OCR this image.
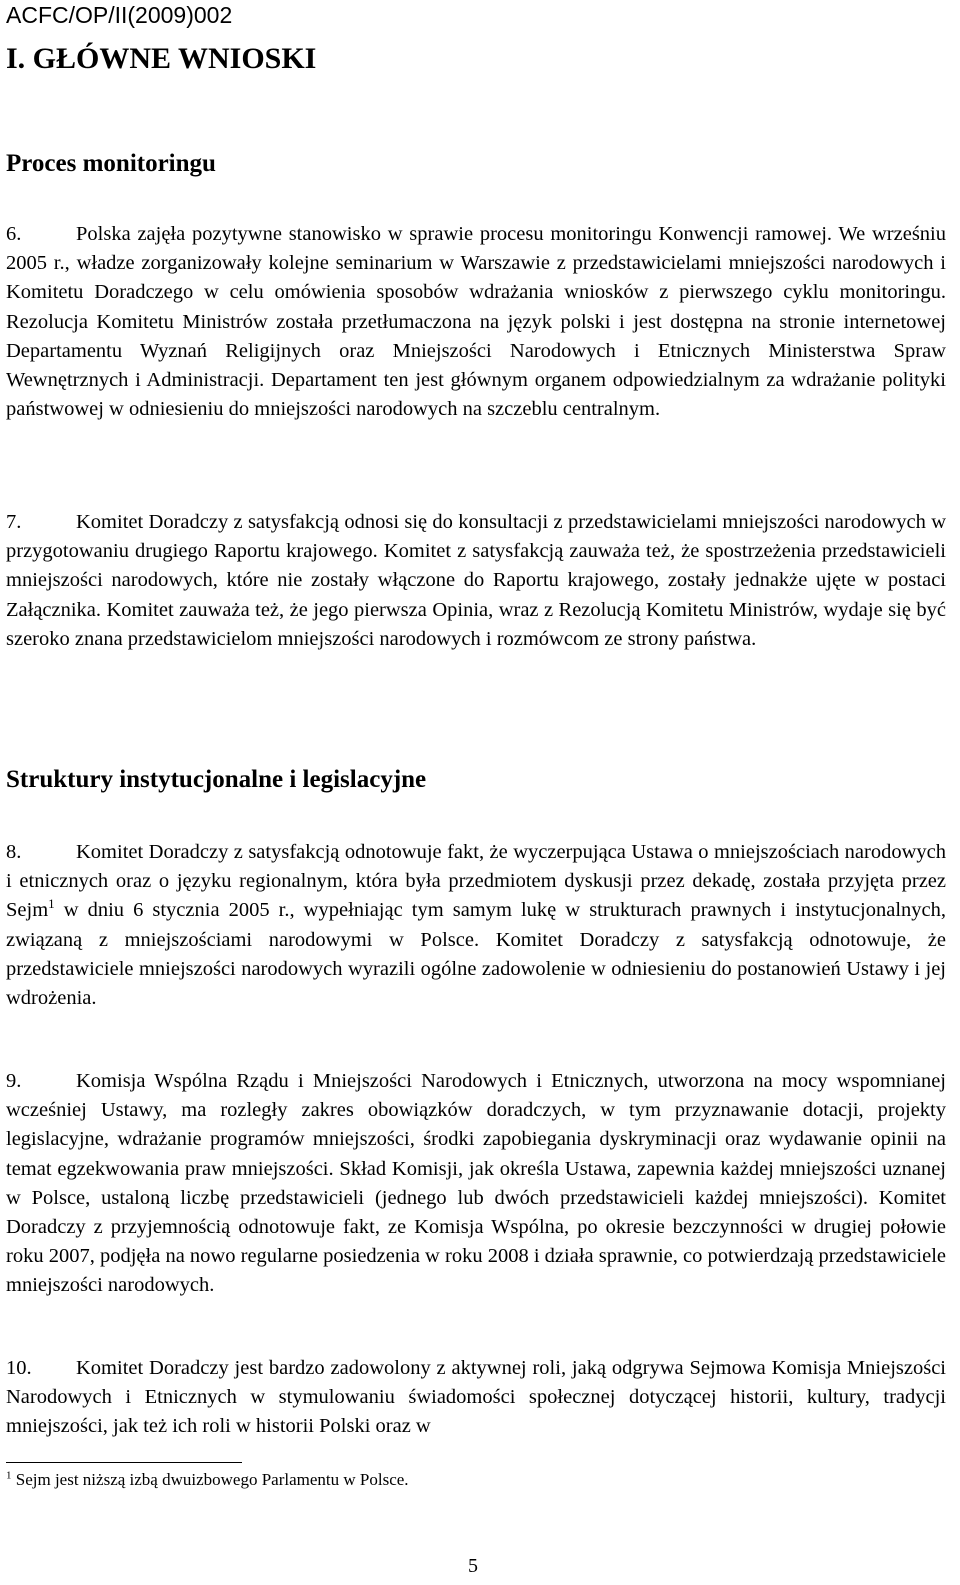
ACFC/OP/II(2009)002
I. GŁÓWNE WNIOSKI
Proces monitoringu
6.	Polska zajęła pozytywne stanowisko w sprawie procesu monitoringu Konwencji ramowej. We wrześniu 2005 r., władze zorganizowały kolejne seminarium w Warszawie z przedstawicielami mniejszości narodowych i Komitetu Doradczego w celu omówienia sposobów wdrażania wniosków z pierwszego cyklu monitoringu. Rezolucja Komitetu Ministrów została przetłumaczona na język polski i jest dostępna na stronie internetowej Departamentu Wyznań Religijnych oraz Mniejszości Narodowych i Etnicznych Ministerstwa Spraw Wewnętrznych i Administracji. Departament ten jest głównym organem odpowiedzialnym za wdrażanie polityki państwowej w odniesieniu do mniejszości narodowych na szczeblu centralnym.
7.	Komitet Doradczy z satysfakcją odnosi się do konsultacji z przedstawicielami mniejszości narodowych w przygotowaniu drugiego Raportu krajowego. Komitet z satysfakcją zauważa też, że spostrzeżenia przedstawicieli mniejszości narodowych, które nie zostały włączone do Raportu krajowego, zostały jednakże ujęte w postaci Załącznika. Komitet zauważa też, że jego pierwsza Opinia, wraz z Rezolucją Komitetu Ministrów, wydaje się być szeroko znana przedstawicielom mniejszości narodowych i rozmówcom ze strony państwa.
Struktury instytucjonalne i legislacyjne
8.	Komitet Doradczy z satysfakcją odnotowuje fakt, że wyczerpująca Ustawa o mniejszościach narodowych i etnicznych oraz o języku regionalnym, która była przedmiotem dyskusji przez dekadę, została przyjęta przez Sejm$^1$ w dniu 6 stycznia 2005 r., wypełniając tym samym lukę w strukturach prawnych i instytucjonalnych, związaną z mniejszościami narodowymi w Polsce. Komitet Doradczy z satysfakcją odnotowuje, że przedstawiciele mniejszości narodowych wyrazili ogólne zadowolenie w odniesieniu do postanowień Ustawy i jej wdrożenia.
9.	Komisja Wspólna Rządu i Mniejszości Narodowych i Etnicznych, utworzona na mocy wspomnianej wcześniej Ustawy, ma rozległy zakres obowiązków doradczych, w tym przyznawanie dotacji, projekty legislacyjne, wdrażanie programów mniejszości, środki zapobiegania dyskryminacji oraz wydawanie opinii na temat egzekwowania praw mniejszości. Skład Komisji, jak określa Ustawa, zapewnia każdej mniejszości uznanej w Polsce, ustaloną liczbę przedstawicieli (jednego lub dwóch przedstawicieli każdej mniejszości). Komitet Doradczy z przyjemnością odnotowuje fakt, ze Komisja Wspólna, po okresie bezczynności w drugiej połowie roku 2007, podjęła na nowo regularne posiedzenia w roku 2008 i działa sprawnie, co potwierdzają przedstawiciele mniejszości narodowych.
10. Komitet Doradczy jest bardzo zadowolony z aktywnej roli, jaką odgrywa Sejmowa Komisja Mniejszości Narodowych i Etnicznych w stymulowaniu świadomości społecznej dotyczącej historii, kultury, tradycji mniejszości, jak też ich roli w historii Polski oraz w
$^1$ Sejm jest niższą izbą dwuizbowego Parlamentu w Polsce.
5
